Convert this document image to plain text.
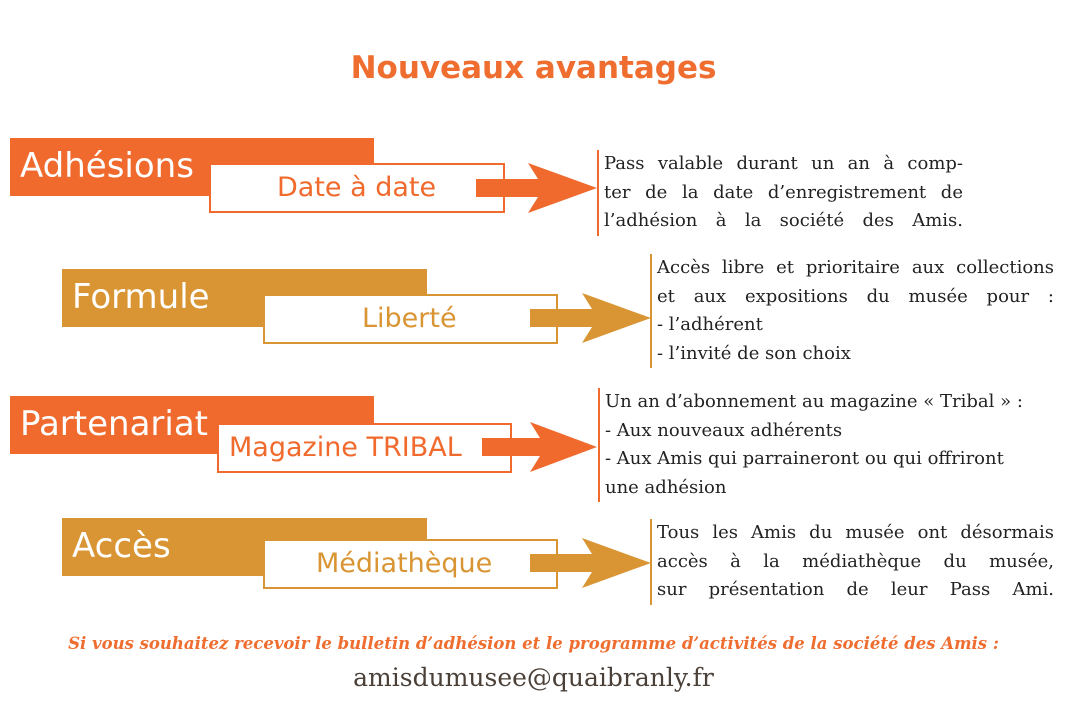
Nouveaux avantages
Adhésions
Date à date
Pass valable durant un an à comp-
ter de la date d’enregistrement de
l’adhésion à la société des Amis.
Formule
Liberté
Accès libre et prioritaire aux collections
et aux expositions du musée pour :
- l’adhérent
- l’invité de son choix
Partenariat
Magazine TRIBAL
Un an d’abonnement au magazine « Tribal » :
- Aux nouveaux adhérents
- Aux Amis qui parraineront ou qui offriront
une adhésion
Accès	Médiathèque
Tous les Amis du musée ont désormais
accès à la médiathèque du musée,
sur présentation de leur Pass Ami.
Si vous souhaitez recevoir le bulletin d’adhésion et le programme d’activités de la société des Amis :
amisdumusee@quaibranly.fr
